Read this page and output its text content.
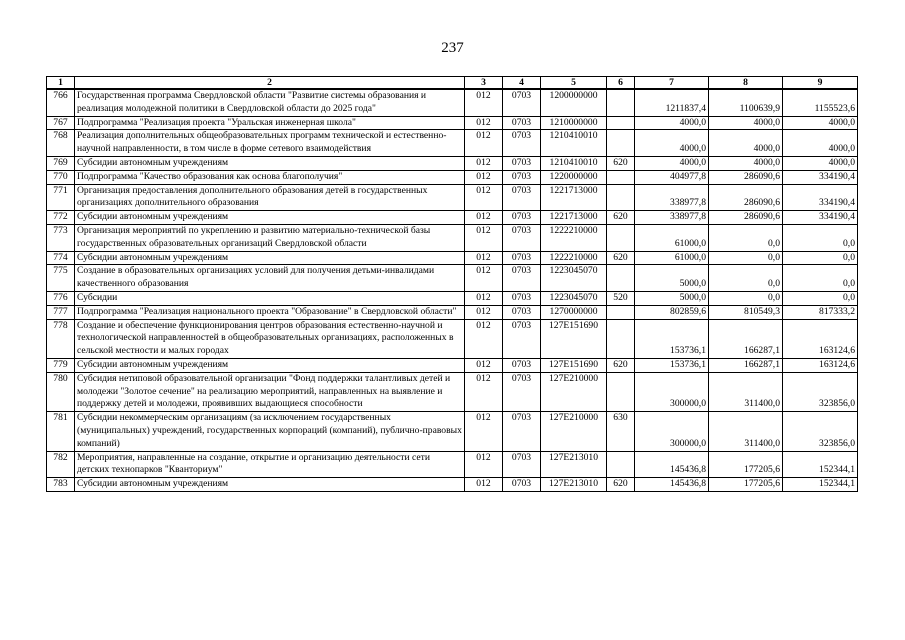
237
1	2	3	4	5	6	7	8	9
766	Государственная программа Свердловской области "Развитие системы образования и реализация молодежной политики в Свердловской области до 2025 года"	012	0703	1200000000		1211837,4	1100639,9	1155523,6
767	Подпрограмма "Реализация проекта "Уральская инженерная школа"	012	0703	1210000000		4000,0	4000,0	4000,0
768	Реализация дополнительных общеобразовательных программ технической и естественно-научной направленности, в том числе в форме сетевого взаимодействия	012	0703	1210410010		4000,0	4000,0	4000,0
769	Субсидии автономным учреждениям	012	0703	1210410010	620	4000,0	4000,0	4000,0
770	Подпрограмма "Качество образования как основа благополучия"	012	0703	1220000000		404977,8	286090,6	334190,4
771	Организация предоставления дополнительного образования детей в государственных организациях дополнительного образования	012	0703	1221713000		338977,8	286090,6	334190,4
772	Субсидии автономным учреждениям	012	0703	1221713000	620	338977,8	286090,6	334190,4
773	Организация мероприятий по укреплению и развитию материально-технической базы государственных образовательных организаций Свердловской области	012	0703	1222210000		61000,0	0,0	0,0
774	Субсидии автономным учреждениям	012	0703	1222210000	620	61000,0	0,0	0,0
775	Создание в образовательных организациях условий для получения детьми-инвалидами качественного образования	012	0703	1223045070		5000,0	0,0	0,0
776	Субсидии	012	0703	1223045070	520	5000,0	0,0	0,0
777	Подпрограмма "Реализация национального проекта "Образование" в Свердловской области"	012	0703	1270000000		802859,6	810549,3	817333,2
778	Создание и обеспечение функционирования центров образования естественно-научной и технологической направленностей в общеобразовательных организациях, расположенных в сельской местности и малых городах	012	0703	127E151690		153736,1	166287,1	163124,6
779	Субсидии автономным учреждениям	012	0703	127E151690	620	153736,1	166287,1	163124,6
780	Субсидия нетиповой образовательной организации "Фонд поддержки талантливых детей и молодежи "Золотое сечение" на реализацию мероприятий, направленных на выявление и поддержку детей и молодежи, проявивших выдающиеся способности	012	0703	127E210000		300000,0	311400,0	323856,0
781	Субсидии некоммерческим организациям (за исключением государственных (муниципальных) учреждений, государственных корпораций (компаний), публично-правовых компаний)	012	0703	127E210000	630	300000,0	311400,0	323856,0
782	Мероприятия, направленные на создание, открытие и организацию деятельности сети детских технопарков "Кванториум"	012	0703	127E213010		145436,8	177205,6	152344,1
783	Субсидии автономным учреждениям	012	0703	127E213010	620	145436,8	177205,6	152344,1
